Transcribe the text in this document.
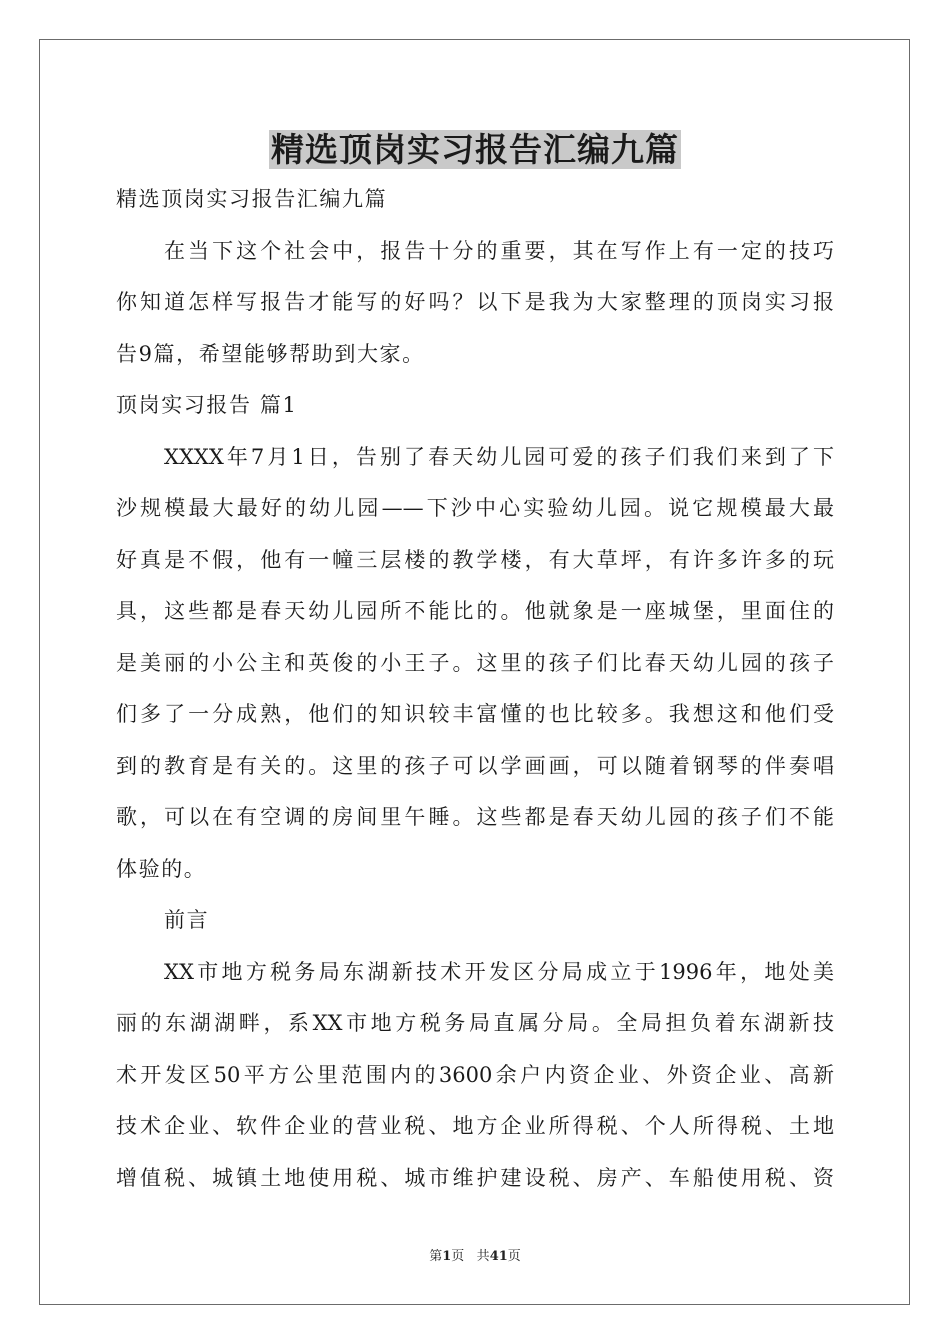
精选顶岗实习报告汇编九篇
精选顶岗实习报告汇编九篇
在当下这个社会中，报告十分的重要，其在写作上有一定的技巧
你知道怎样写报告才能写的好吗？以下是我为大家整理的顶岗实习报
告9篇，希望能够帮助到大家。
顶岗实习报告 篇1
XXXX年7月1日，告别了春天幼儿园可爱的孩子们我们来到了下
沙规模最大最好的幼儿园——下沙中心实验幼儿园。说它规模最大最
好真是不假，他有一幢三层楼的教学楼，有大草坪，有许多许多的玩
具，这些都是春天幼儿园所不能比的。他就象是一座城堡，里面住的
是美丽的小公主和英俊的小王子。这里的孩子们比春天幼儿园的孩子
们多了一分成熟，他们的知识较丰富懂的也比较多。我想这和他们受
到的教育是有关的。这里的孩子可以学画画，可以随着钢琴的伴奏唱
歌，可以在有空调的房间里午睡。这些都是春天幼儿园的孩子们不能
体验的。
前言
XX市地方税务局东湖新技术开发区分局成立于1996年，地处美
丽的东湖湖畔，系XX市地方税务局直属分局。全局担负着东湖新技
术开发区50平方公里范围内的3600余户内资企业、外资企业、高新
技术企业、软件企业的营业税、地方企业所得税、个人所得税、土地
增值税、城镇土地使用税、城市维护建设税、房产、车船使用税、资
第1页 共41页
